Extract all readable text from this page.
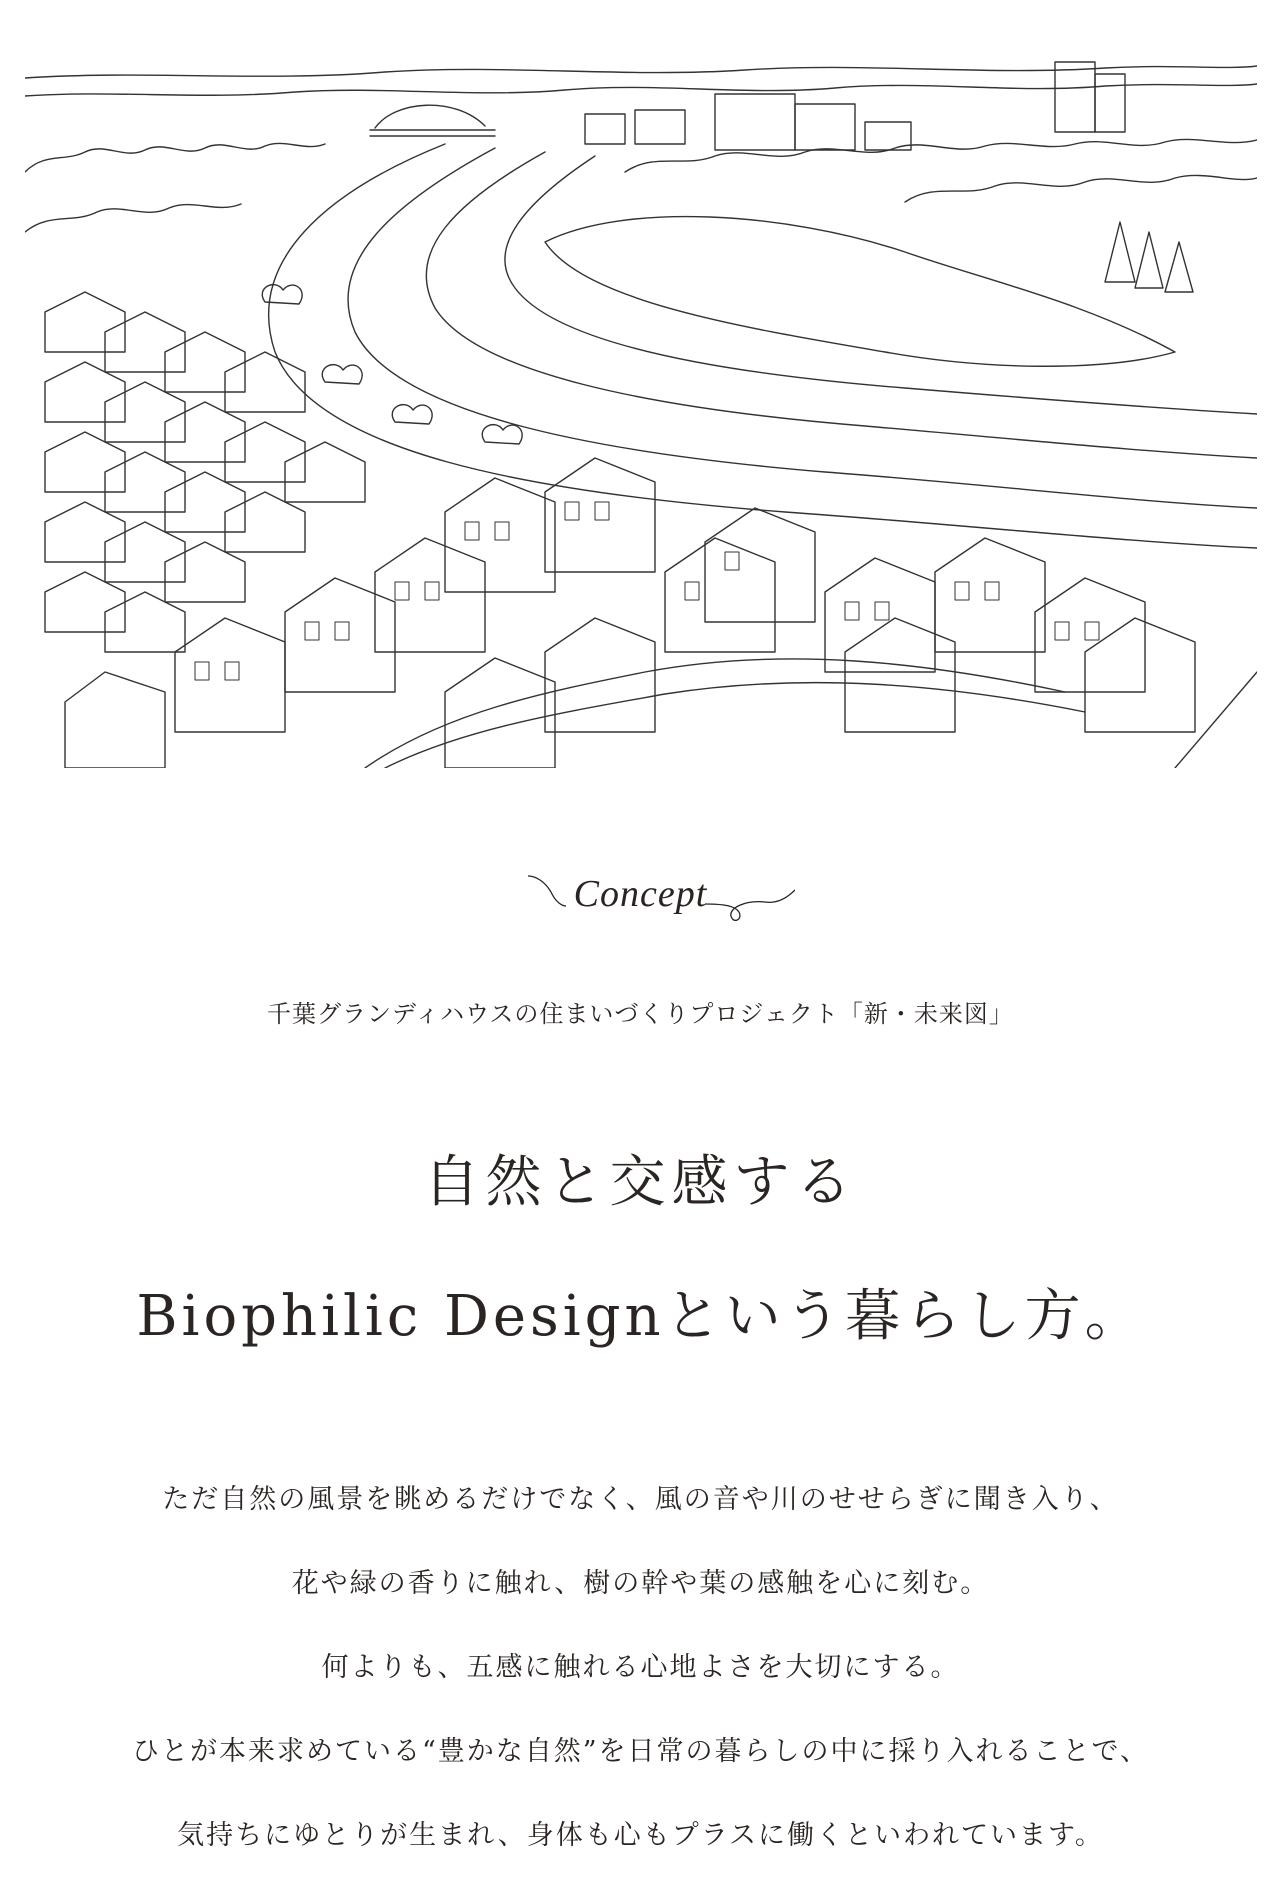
Concept
千葉グランディハウスの住まいづくりプロジェクト「新・未来図」
自然と交感する
Biophilic Designという暮らし方。
ただ自然の風景を眺めるだけでなく、風の音や川のせせらぎに聞き入り、
花や緑の香りに触れ、樹の幹や葉の感触を心に刻む。
何よりも、五感に触れる心地よさを大切にする。
ひとが本来求めている“豊かな自然”を日常の暮らしの中に採り入れることで、
気持ちにゆとりが生まれ、身体も心もプラスに働くといわれています。
